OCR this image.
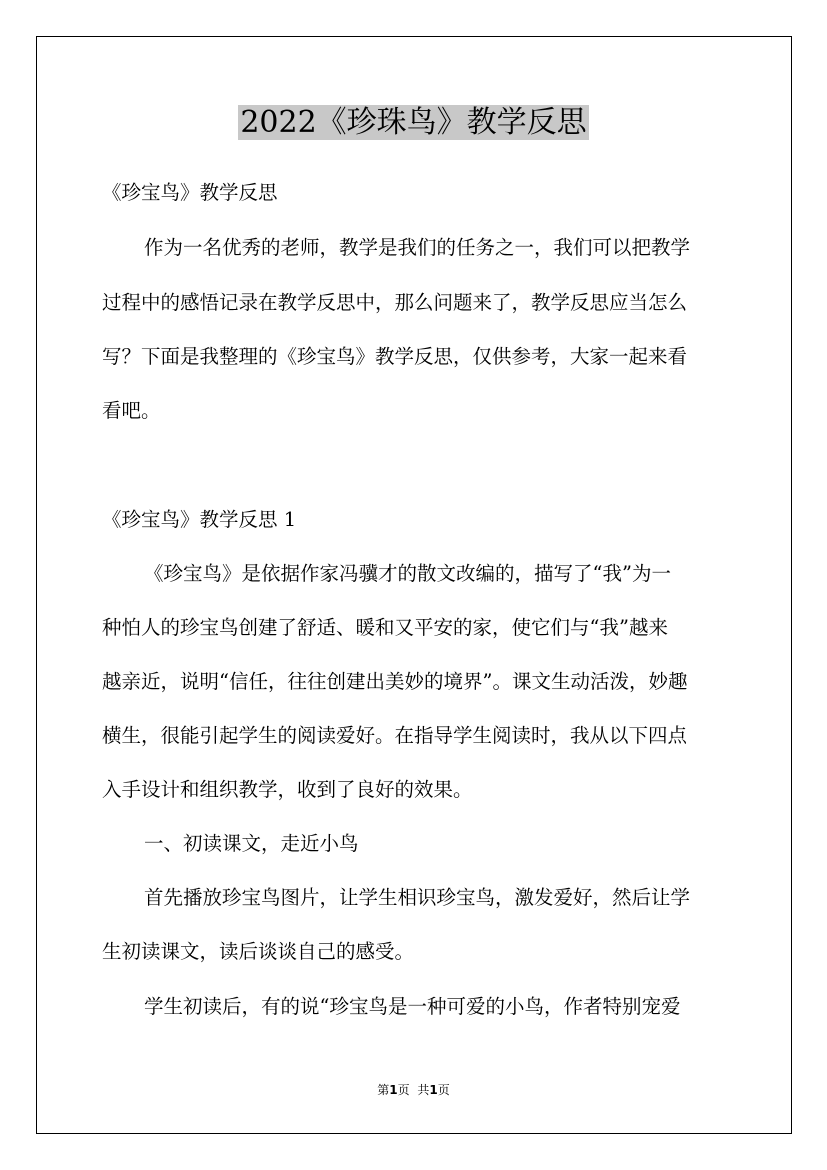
2022《珍珠鸟》教学反思

《珍宝鸟》教学反思

作为一名优秀的老师，教学是我们的任务之一，我们可以把教学

过程中的感悟记录在教学反思中，那么问题来了，教学反思应当怎么

写？下面是我整理的《珍宝鸟》教学反思，仅供参考，大家一起来看

看吧。

《珍宝鸟》教学反思 1

《珍宝鸟》是依据作家冯骥才的散文改编的，描写了“我”为一

种怕人的珍宝鸟创建了舒适、暖和又平安的家，使它们与“我”越来

越亲近，说明“信任，往往创建出美妙的境界”。课文生动活泼，妙趣

横生，很能引起学生的阅读爱好。在指导学生阅读时，我从以下四点

入手设计和组织教学，收到了良好的效果。

一、初读课文，走近小鸟

首先播放珍宝鸟图片，让学生相识珍宝鸟，激发爱好，然后让学

生初读课文，读后谈谈自己的感受。

学生初读后，有的说“珍宝鸟是一种可爱的小鸟，作者特别宠爱

第1页 共1页
